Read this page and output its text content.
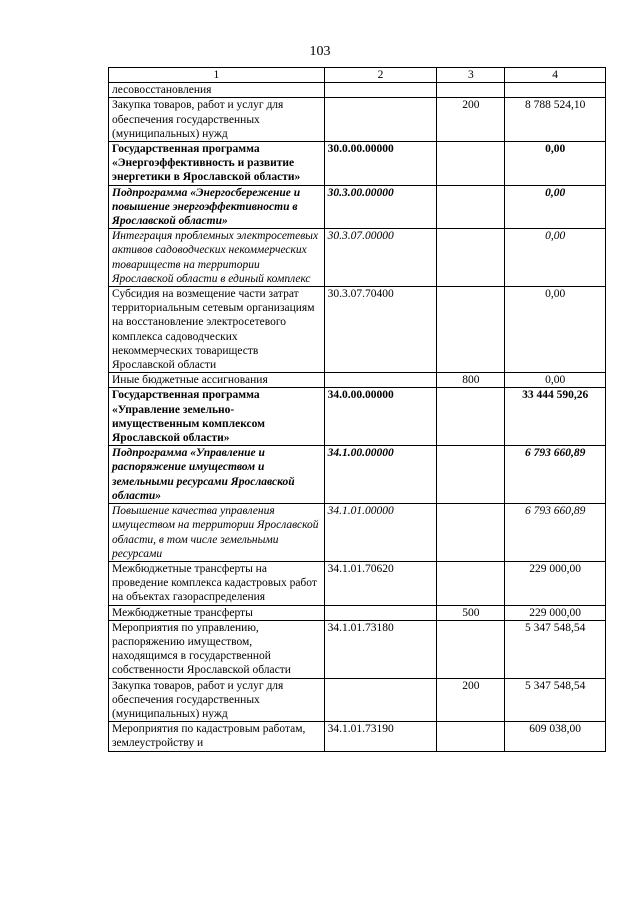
103
1	2	3	4
лесовосстановления			
Закупка товаров, работ и услуг для обеспечения государственных (муниципальных) нужд		200	8 788 524,10
Государственная программа «Энергоэффективность и развитие энергетики в Ярославской области»	30.0.00.00000		0,00
Подпрограмма «Энергосбережение и повышение энергоэффективности в Ярославской области»	30.3.00.00000		0,00
Интеграция проблемных электросетевых активов садоводческих некоммерческих товариществ на территории Ярославской области в единый комплекс	30.3.07.00000		0,00
Субсидия на возмещение части затрат территориальным сетевым организациям на восстановление электросетевого комплекса садоводческих некоммерческих товариществ Ярославской области	30.3.07.70400		0,00
Иные бюджетные ассигнования		800	0,00
Государственная программа «Управление земельно-имущественным комплексом Ярославской области»	34.0.00.00000		33 444 590,26
Подпрограмма «Управление и распоряжение имуществом и земельными ресурсами Ярославской области»	34.1.00.00000		6 793 660,89
Повышение качества управления имуществом на территории Ярославской области, в том числе земельными ресурсами	34.1.01.00000		6 793 660,89
Межбюджетные трансферты на проведение комплекса кадастровых работ на объектах газораспределения	34.1.01.70620		229 000,00
Межбюджетные трансферты		500	229 000,00
Мероприятия по управлению, распоряжению имуществом, находящимся в государственной собственности Ярославской области	34.1.01.73180		5 347 548,54
Закупка товаров, работ и услуг для обеспечения государственных (муниципальных) нужд		200	5 347 548,54
Мероприятия по кадастровым работам, землеустройству и	34.1.01.73190		609 038,00
